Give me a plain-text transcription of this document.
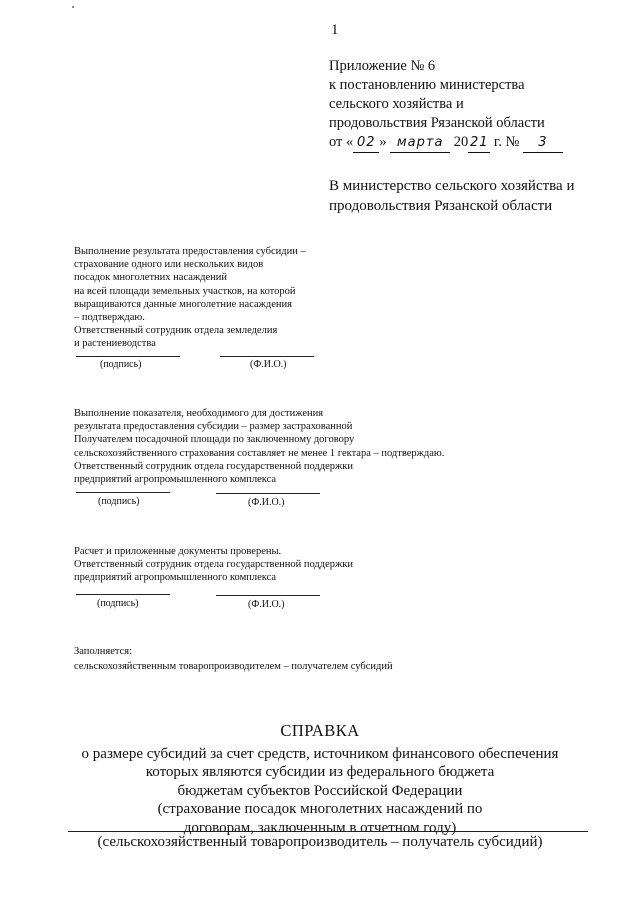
1
Приложение № 6
к постановлению министерства
сельского хозяйства и
продовольствия Рязанской области
от « 02 » марта 20 21 г. № 3
В министерство сельского хозяйства и
продовольствия Рязанской области
Выполнение результата предоставления субсидии –
страхование одного или нескольких видов
посадок многолетних насаждений
на всей площади земельных участков, на которой
выращиваются данные многолетние насаждения
– подтверждаю.
Ответственный сотрудник отдела земледелия
и растениеводства
(подпись)	(Ф.И.О.)
Выполнение показателя, необходимого для достижения
результата предоставления субсидии – размер застрахованной
Получателем посадочной площади по заключенному договору
сельскохозяйственного страхования составляет не менее 1 гектара – подтверждаю.
Ответственный сотрудник отдела государственной поддержки
предприятий агропромышленного комплекса
(подпись)	(Ф.И.О.)
Расчет и приложенные документы проверены.
Ответственный сотрудник отдела государственной поддержки
предприятий агропромышленного комплекса
(подпись)	(Ф.И.О.)
Заполняется:
сельскохозяйственным товаропроизводителем – получателем субсидий
СПРАВКА
о размере субсидий за счет средств, источником финансового обеспечения
которых являются субсидии из федерального бюджета
бюджетам субъектов Российской Федерации
(страхование посадок многолетних насаждений по
договорам, заключенным в отчетном году)
(сельскохозяйственный товаропроизводитель – получатель субсидий)
